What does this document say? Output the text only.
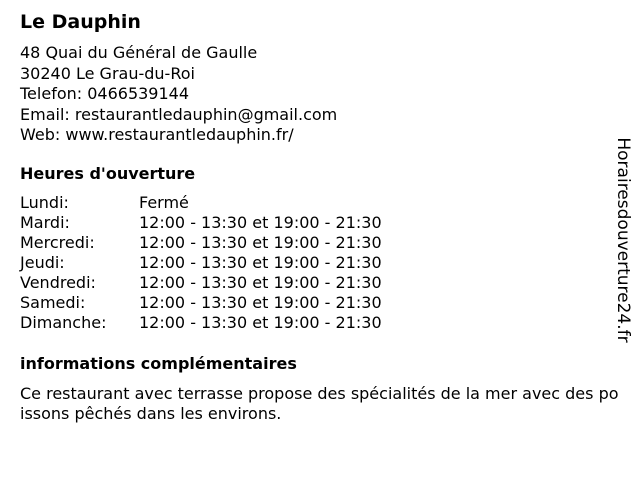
Le Dauphin
48 Quai du Général de Gaulle
30240 Le Grau-du-Roi
Telefon: 0466539144
Email: restaurantledauphin@gmail.com
Web: www.restaurantledauphin.fr/
Heures d'ouverture
Lundi:	Fermé
Mardi:	12:00 - 13:30 et 19:00 - 21:30
Mercredi:	12:00 - 13:30 et 19:00 - 21:30
Jeudi:	12:00 - 13:30 et 19:00 - 21:30
Vendredi:	12:00 - 13:30 et 19:00 - 21:30
Samedi:	12:00 - 13:30 et 19:00 - 21:30
Dimanche:	12:00 - 13:30 et 19:00 - 21:30
informations complémentaires
Ce restaurant avec terrasse propose des spécialités de la mer avec des poissons pêchés dans les environs.
Horairesdouverture24.fr
